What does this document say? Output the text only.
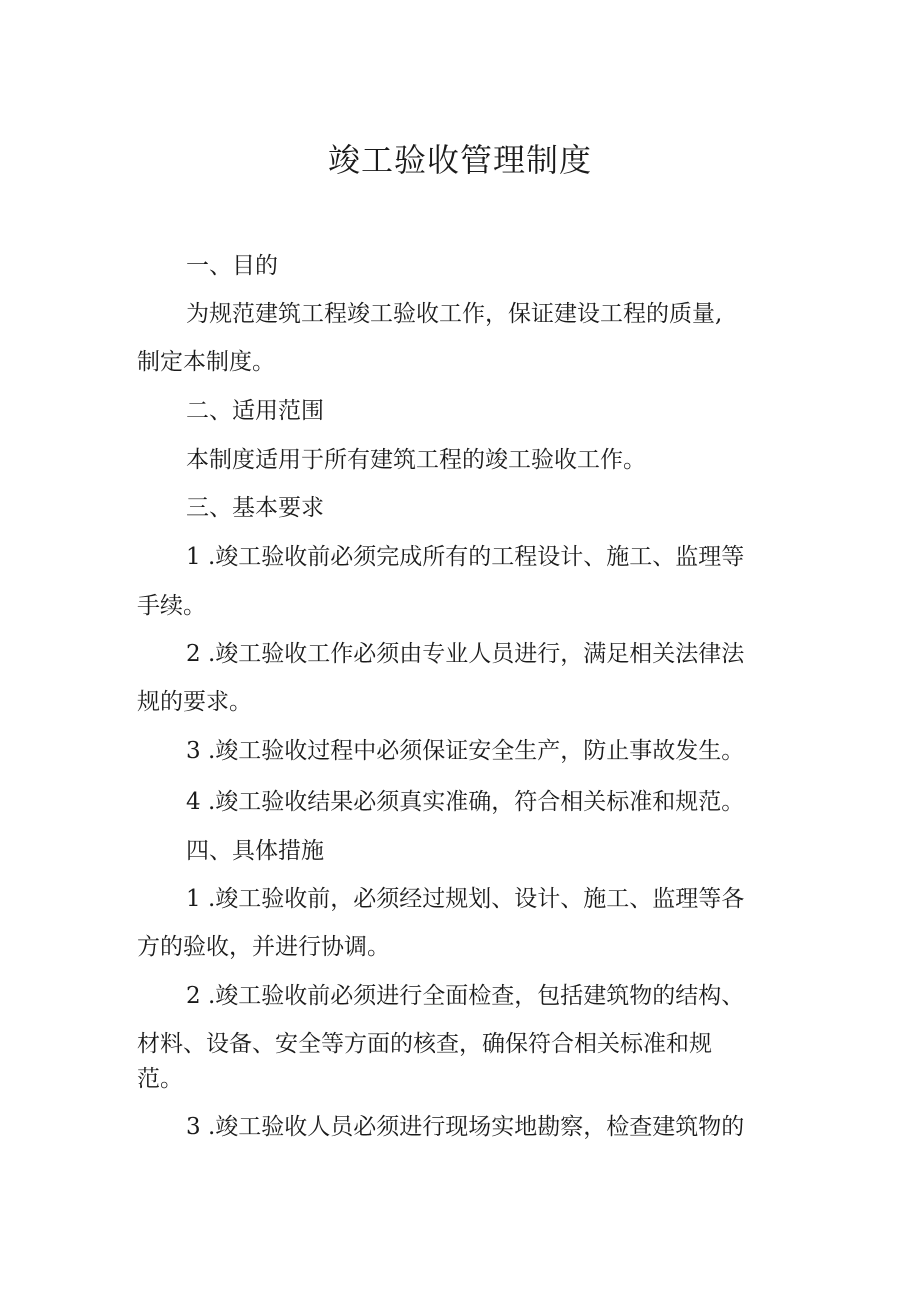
竣工验收管理制度
一、目的
为规范建筑工程竣工验收工作，保证建设工程的质量,
制定本制度。
二、适用范围
本制度适用于所有建筑工程的竣工验收工作。
三、基本要求
1 .竣工验收前必须完成所有的工程设计、施工、监理等
手续。
2 .竣工验收工作必须由专业人员进行，满足相关法律法
规的要求。
3 .竣工验收过程中必须保证安全生产，防止事故发生。
4 .竣工验收结果必须真实准确，符合相关标准和规范。
四、具体措施
1 .竣工验收前，必须经过规划、设计、施工、监理等各
方的验收，并进行协调。
2 .竣工验收前必须进行全面检查，包括建筑物的结构、
材料、设备、安全等方面的核查，确保符合相关标准和规
范。
3 .竣工验收人员必须进行现场实地勘察，检查建筑物的
